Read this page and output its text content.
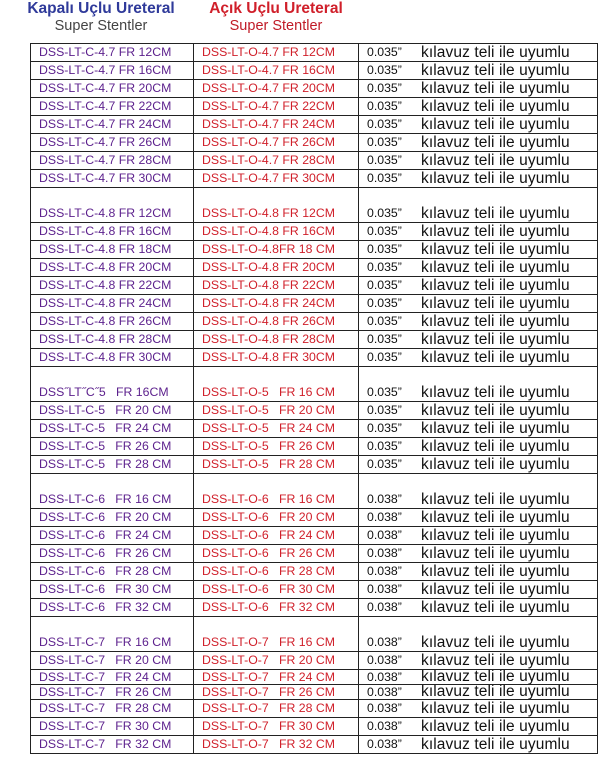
Kapalı Uçlu Ureteral
Super Stentler
Açık Uçlu Ureteral
Super Stentler
DSS-LT-C-4.7 FR 12CM	DSS-LT-O-4.7 FR 12CM	0.035”	kılavuz teli ile uyumlu
DSS-LT-C-4.7 FR 16CM	DSS-LT-O-4.7 FR 16CM	0.035”	kılavuz teli ile uyumlu
DSS-LT-C-4.7 FR 20CM	DSS-LT-O-4.7 FR 20CM	0.035”	kılavuz teli ile uyumlu
DSS-LT-C-4.7 FR 22CM	DSS-LT-O-4.7 FR 22CM	0.035”	kılavuz teli ile uyumlu
DSS-LT-C-4.7 FR 24CM	DSS-LT-O-4.7 FR 24CM	0.035”	kılavuz teli ile uyumlu
DSS-LT-C-4.7 FR 26CM	DSS-LT-O-4.7 FR 26CM	0.035”	kılavuz teli ile uyumlu
DSS-LT-C-4.7 FR 28CM	DSS-LT-O-4.7 FR 28CM	0.035”	kılavuz teli ile uyumlu
DSS-LT-C-4.7 FR 30CM	DSS-LT-O-4.7 FR 30CM	0.035”	kılavuz teli ile uyumlu

DSS-LT-C-4.8 FR 12CM	DSS-LT-O-4.8 FR 12CM	0.035”	kılavuz teli ile uyumlu
DSS-LT-C-4.8 FR 16CM	DSS-LT-O-4.8 FR 16CM	0.035”	kılavuz teli ile uyumlu
DSS-LT-C-4.8 FR 18CM	DSS-LT-O-4.8FR 18 CM	0.035”	kılavuz teli ile uyumlu
DSS-LT-C-4.8 FR 20CM	DSS-LT-O-4.8 FR 20CM	0.035”	kılavuz teli ile uyumlu
DSS-LT-C-4.8 FR 22CM	DSS-LT-O-4.8 FR 22CM	0.035”	kılavuz teli ile uyumlu
DSS-LT-C-4.8 FR 24CM	DSS-LT-O-4.8 FR 24CM	0.035”	kılavuz teli ile uyumlu
DSS-LT-C-4.8 FR 26CM	DSS-LT-O-4.8 FR 26CM	0.035”	kılavuz teli ile uyumlu
DSS-LT-C-4.8 FR 28CM	DSS-LT-O-4.8 FR 28CM	0.035”	kılavuz teli ile uyumlu
DSS-LT-C-4.8 FR 30CM	DSS-LT-O-4.8 FR 30CM	0.035”	kılavuz teli ile uyumlu

DSS˝LT˝C˝5   FR 16CM	DSS-LT-O-5   FR 16 CM	0.035”	kılavuz teli ile uyumlu
DSS-LT-C-5   FR 20 CM	DSS-LT-O-5   FR 20 CM	0.035”	kılavuz teli ile uyumlu
DSS-LT-C-5   FR 24 CM	DSS-LT-O-5   FR 24 CM	0.035”	kılavuz teli ile uyumlu
DSS-LT-C-5   FR 26 CM	DSS-LT-O-5   FR 26 CM	0.035”	kılavuz teli ile uyumlu
DSS-LT-C-5   FR 28 CM	DSS-LT-O-5   FR 28 CM	0.035”	kılavuz teli ile uyumlu

DSS-LT-C-6   FR 16 CM	DSS-LT-O-6   FR 16 CM	0.038”	kılavuz teli ile uyumlu
DSS-LT-C-6   FR 20 CM	DSS-LT-O-6   FR 20 CM	0.038”	kılavuz teli ile uyumlu
DSS-LT-C-6   FR 24 CM	DSS-LT-O-6   FR 24 CM	0.038”	kılavuz teli ile uyumlu
DSS-LT-C-6   FR 26 CM	DSS-LT-O-6   FR 26 CM	0.038”	kılavuz teli ile uyumlu
DSS-LT-C-6   FR 28 CM	DSS-LT-O-6   FR 28 CM	0.038”	kılavuz teli ile uyumlu
DSS-LT-C-6   FR 30 CM	DSS-LT-O-6   FR 30 CM	0.038”	kılavuz teli ile uyumlu
DSS-LT-C-6   FR 32 CM	DSS-LT-O-6   FR 32 CM	0.038”	kılavuz teli ile uyumlu

DSS-LT-C-7   FR 16 CM	DSS-LT-O-7   FR 16 CM	0.038”	kılavuz teli ile uyumlu
DSS-LT-C-7   FR 20 CM	DSS-LT-O-7   FR 20 CM	0.038”	kılavuz teli ile uyumlu
DSS-LT-C-7   FR 24 CM	DSS-LT-O-7   FR 24 CM	0.038”	kılavuz teli ile uyumlu
DSS-LT-C-7   FR 26 CM	DSS-LT-O-7   FR 26 CM	0.038”	kılavuz teli ile uyumlu
DSS-LT-C-7   FR 28 CM	DSS-LT-O-7   FR 28 CM	0.038”	kılavuz teli ile uyumlu
DSS-LT-C-7   FR 30 CM	DSS-LT-O-7   FR 30 CM	0.038”	kılavuz teli ile uyumlu
DSS-LT-C-7   FR 32 CM	DSS-LT-O-7   FR 32 CM	0.038”	kılavuz teli ile uyumlu
